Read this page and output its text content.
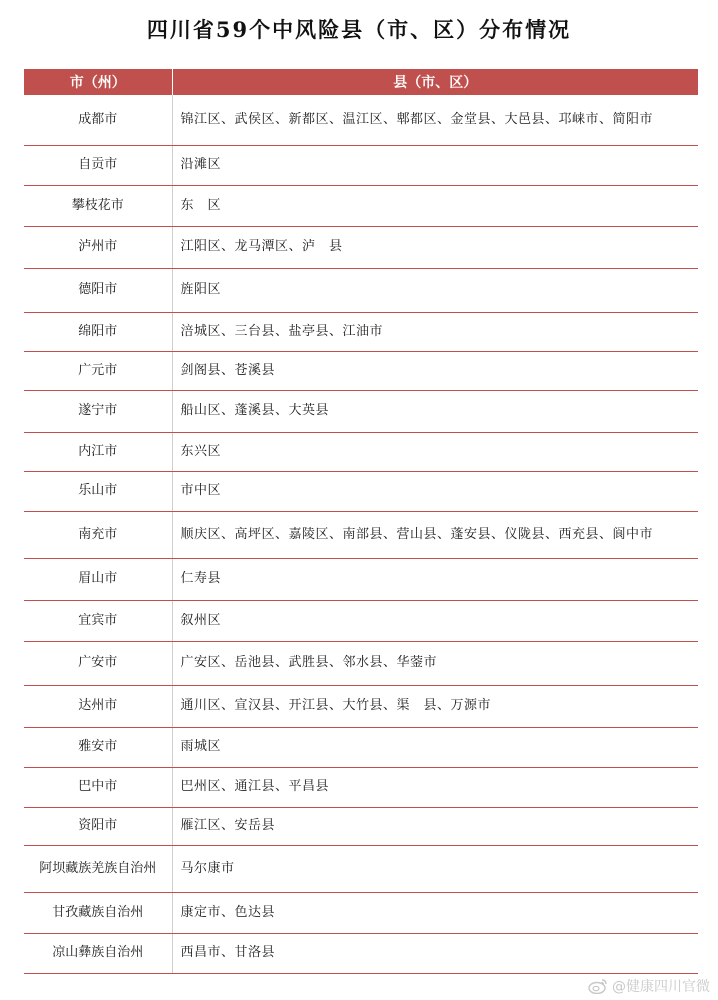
四川省59个中风险县（市、区）分布情况
市（州）	县（市、区）
成都市	锦江区、武侯区、新都区、温江区、郫都区、金堂县、大邑县、邛崃市、简阳市
自贡市	沿滩区
攀枝花市	东　区
泸州市	江阳区、龙马潭区、泸　县
德阳市	旌阳区
绵阳市	涪城区、三台县、盐亭县、江油市
广元市	剑阁县、苍溪县
遂宁市	船山区、蓬溪县、大英县
内江市	东兴区
乐山市	市中区
南充市	顺庆区、高坪区、嘉陵区、南部县、营山县、蓬安县、仪陇县、西充县、阆中市
眉山市	仁寿县
宜宾市	叙州区
广安市	广安区、岳池县、武胜县、邻水县、华蓥市
达州市	通川区、宣汉县、开江县、大竹县、渠　县、万源市
雅安市	雨城区
巴中市	巴州区、通江县、平昌县
资阳市	雁江区、安岳县
阿坝藏族羌族自治州	马尔康市
甘孜藏族自治州	康定市、色达县
凉山彝族自治州	西昌市、甘洛县
@健康四川官微
